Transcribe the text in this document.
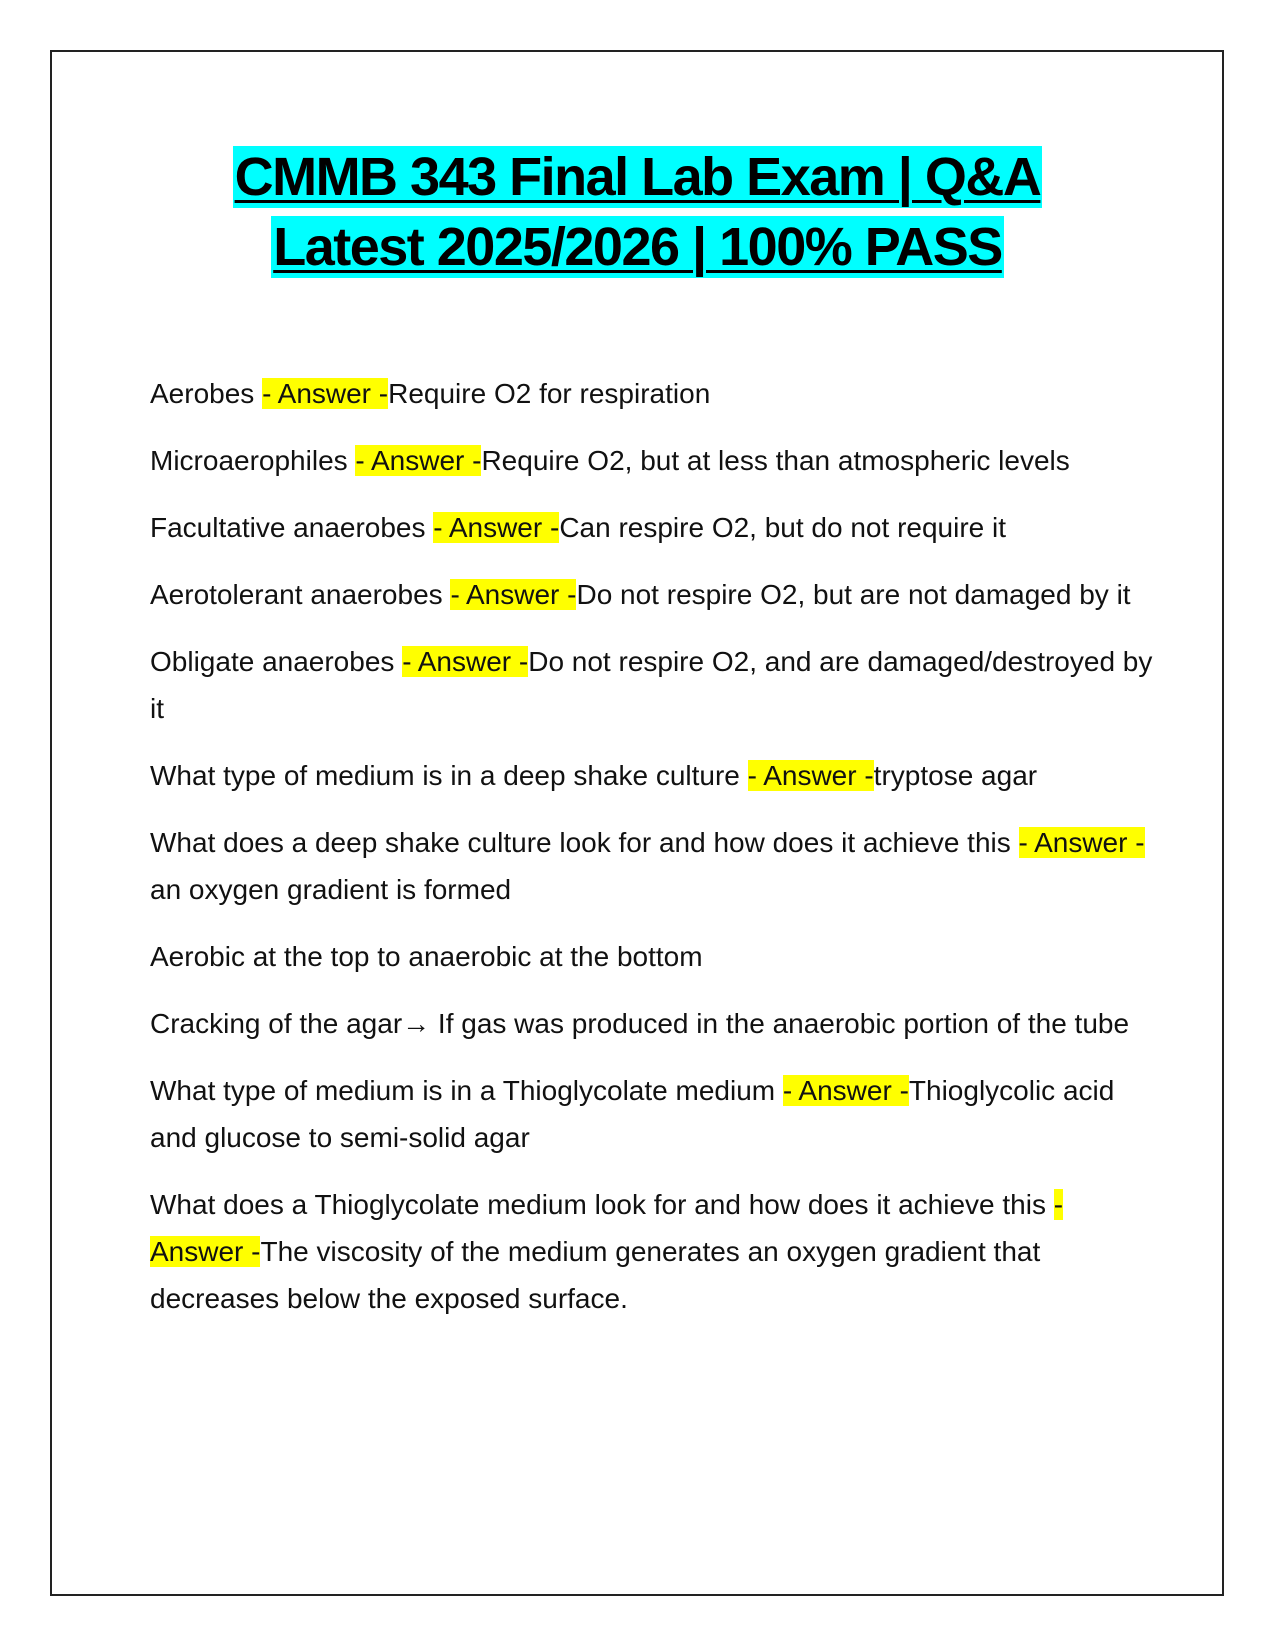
CMMB 343 Final Lab Exam | Q&A
Latest 2025/2026 | 100% PASS

Aerobes - Answer -Require O2 for respiration

Microaerophiles - Answer -Require O2, but at less than atmospheric levels

Facultative anaerobes - Answer -Can respire O2, but do not require it

Aerotolerant anaerobes - Answer -Do not respire O2, but are not damaged by it

Obligate anaerobes - Answer -Do not respire O2, and are damaged/destroyed by it

What type of medium is in a deep shake culture - Answer -tryptose agar

What does a deep shake culture look for and how does it achieve this - Answer -an oxygen gradient is formed

Aerobic at the top to anaerobic at the bottom

Cracking of the agar→ If gas was produced in the anaerobic portion of the tube

What type of medium is in a Thioglycolate medium - Answer -Thioglycolic acid and glucose to semi-solid agar

What does a Thioglycolate medium look for and how does it achieve this - Answer -The viscosity of the medium generates an oxygen gradient that decreases below the exposed surface.
